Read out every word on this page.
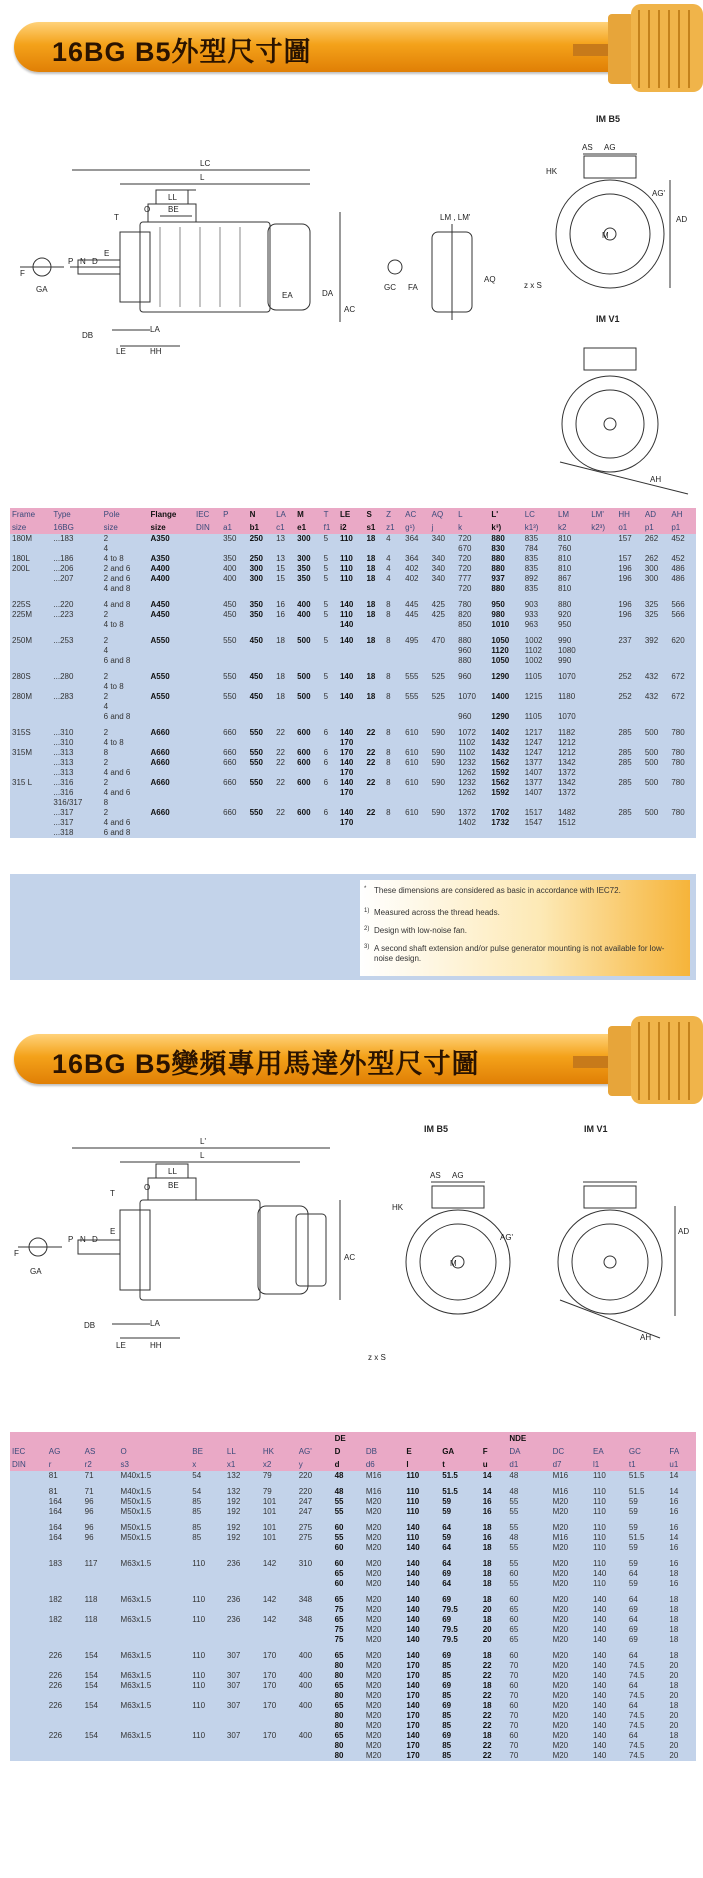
16BG B5外型尺寸圖
LC
L
LL
BE
O
T
EA	DA
AC
DB
LE	HH
LA
GA
F
P N D
E
LM , LM'
AQ
GC FA
AS AG
HK
AG'
AD
z x S
M
AH
IM B5
IM V1
Frame	Type	Pole	Flange	IEC	P	N	LA	M	T	LE	S	Z	AC	AQ	L	L'	LC	LM	LM'	HH	AD	AH
size	16BG	size	size	DIN	a1	b1	c1	e1	f1	i2	s1	z1	g¹)	j	k	k³)	k1³)	k2	k2³)	o1	p1	p1
180M	...183	2	A350		350	250	13	300	5	110	18	4	364	340	720	880	835	810		157	262	452
		4													670	830	784	760				
180L	...186	4 to 8	A350		350	250	13	300	5	110	18	4	364	340	720	880	835	810		157	262	452
200L	...206	2 and 6	A400		400	300	15	350	5	110	18	4	402	340	720	880	835	810		196	300	486
	...207	2 and 6	A400		400	300	15	350	5	110	18	4	402	340	777	937	892	867		196	300	486
		4 and 8													720	880	835	810				

225S	...220	4 and 8	A450		450	350	16	400	5	140	18	8	445	425	780	950	903	880		196	325	566
225M	...223	2	A450		450	350	16	400	5	110	18	8	445	425	820	980	933	920		196	325	566
		4 to 8								140					850	1010	963	950				

250M	...253	2	A550		550	450	18	500	5	140	18	8	495	470	880	1050	1002	990		237	392	620
		4													960	1120	1102	1080				
		6 and 8													880	1050	1002	990				

280S	...280	2	A550		550	450	18	500	5	140	18	8	555	525	960	1290	1105	1070		252	432	672
		4 to 8																				
280M	...283	2	A550		550	450	18	500	5	140	18	8	555	525	1070	1400	1215	1180		252	432	672
		4																				
		6 and 8													960	1290	1105	1070				

315S	...310	2	A660		660	550	22	600	6	140	22	8	610	590	1072	1402	1217	1182		285	500	780
	...310	4 to 8								170					1102	1432	1247	1212				
315M	...313	8	A660		660	550	22	600	6	170	22	8	610	590	1102	1432	1247	1212		285	500	780
	...313	2	A660		660	550	22	600	6	140	22	8	610	590	1232	1562	1377	1342		285	500	780
	...313	4 and 6								170					1262	1592	1407	1372				
315 L	...316	2	A660		660	550	22	600	6	140	22	8	610	590	1232	1562	1377	1342		285	500	780
	...316	4 and 6								170					1262	1592	1407	1372				
	316/317	8																				
	...317	2	A660		660	550	22	600	6	140	22	8	610	590	1372	1702	1517	1482		285	500	780
	...317	4 and 6								170					1402	1732	1547	1512				
	...318	6 and 8																				
* These dimensions are considered as basic in accordance with IEC72.
1) Measured across the thread heads.
2) Design with low-noise fan.
3) A second shaft extension and/or pulse generator mounting is not available for low-noise design.
16BG B5變頻專用馬達外型尺寸圖
L'
L
LL
BE
O
T
E
AC
DB
LE	HH
LA
GA
F
P N D
AS AG
HK
AG'
AD
z x S
M
AH
IM B5	IM V1
								DE					NDE				
IEC	AG	AS	O	BE	LL	HK	AG'	D	DB	E	GA	F	DA	DC	EA	GC	FA
DIN	r	r2	s3	x	x1	x2	y	d	d6	l	t	u	d1	d7	l1	t1	u1
	81	71	M40x1.5	54	132	79	220	48	M16	110	51.5	14	48	M16	110	51.5	14

	81	71	M40x1.5	54	132	79	220	48	M16	110	51.5	14	48	M16	110	51.5	14
	164	96	M50x1.5	85	192	101	247	55	M20	110	59	16	55	M20	110	59	16
	164	96	M50x1.5	85	192	101	247	55	M20	110	59	16	55	M20	110	59	16

	164	96	M50x1.5	85	192	101	275	60	M20	140	64	18	55	M20	110	59	16
	164	96	M50x1.5	85	192	101	275	55	M20	110	59	16	48	M16	110	51.5	14
								60	M20	140	64	18	55	M20	110	59	16

	183	117	M63x1.5	110	236	142	310	60	M20	140	64	18	55	M20	110	59	16
								65	M20	140	69	18	60	M20	140	64	18
								60	M20	140	64	18	55	M20	110	59	16

	182	118	M63x1.5	110	236	142	348	65	M20	140	69	18	60	M20	140	64	18
								75	M20	140	79.5	20	65	M20	140	69	18
	182	118	M63x1.5	110	236	142	348	65	M20	140	69	18	60	M20	140	64	18
								75	M20	140	79.5	20	65	M20	140	69	18
								75	M20	140	79.5	20	65	M20	140	69	18

	226	154	M63x1.5	110	307	170	400	65	M20	140	69	18	60	M20	140	64	18
								80	M20	170	85	22	70	M20	140	74.5	20
	226	154	M63x1.5	110	307	170	400	80	M20	170	85	22	70	M20	140	74.5	20
	226	154	M63x1.5	110	307	170	400	65	M20	140	69	18	60	M20	140	64	18
								80	M20	170	85	22	70	M20	140	74.5	20
	226	154	M63x1.5	110	307	170	400	65	M20	140	69	18	60	M20	140	64	18
								80	M20	170	85	22	70	M20	140	74.5	20
								80	M20	170	85	22	70	M20	140	74.5	20
	226	154	M63x1.5	110	307	170	400	65	M20	140	69	18	60	M20	140	64	18
								80	M20	170	85	22	70	M20	140	74.5	20
								80	M20	170	85	22	70	M20	140	74.5	20
